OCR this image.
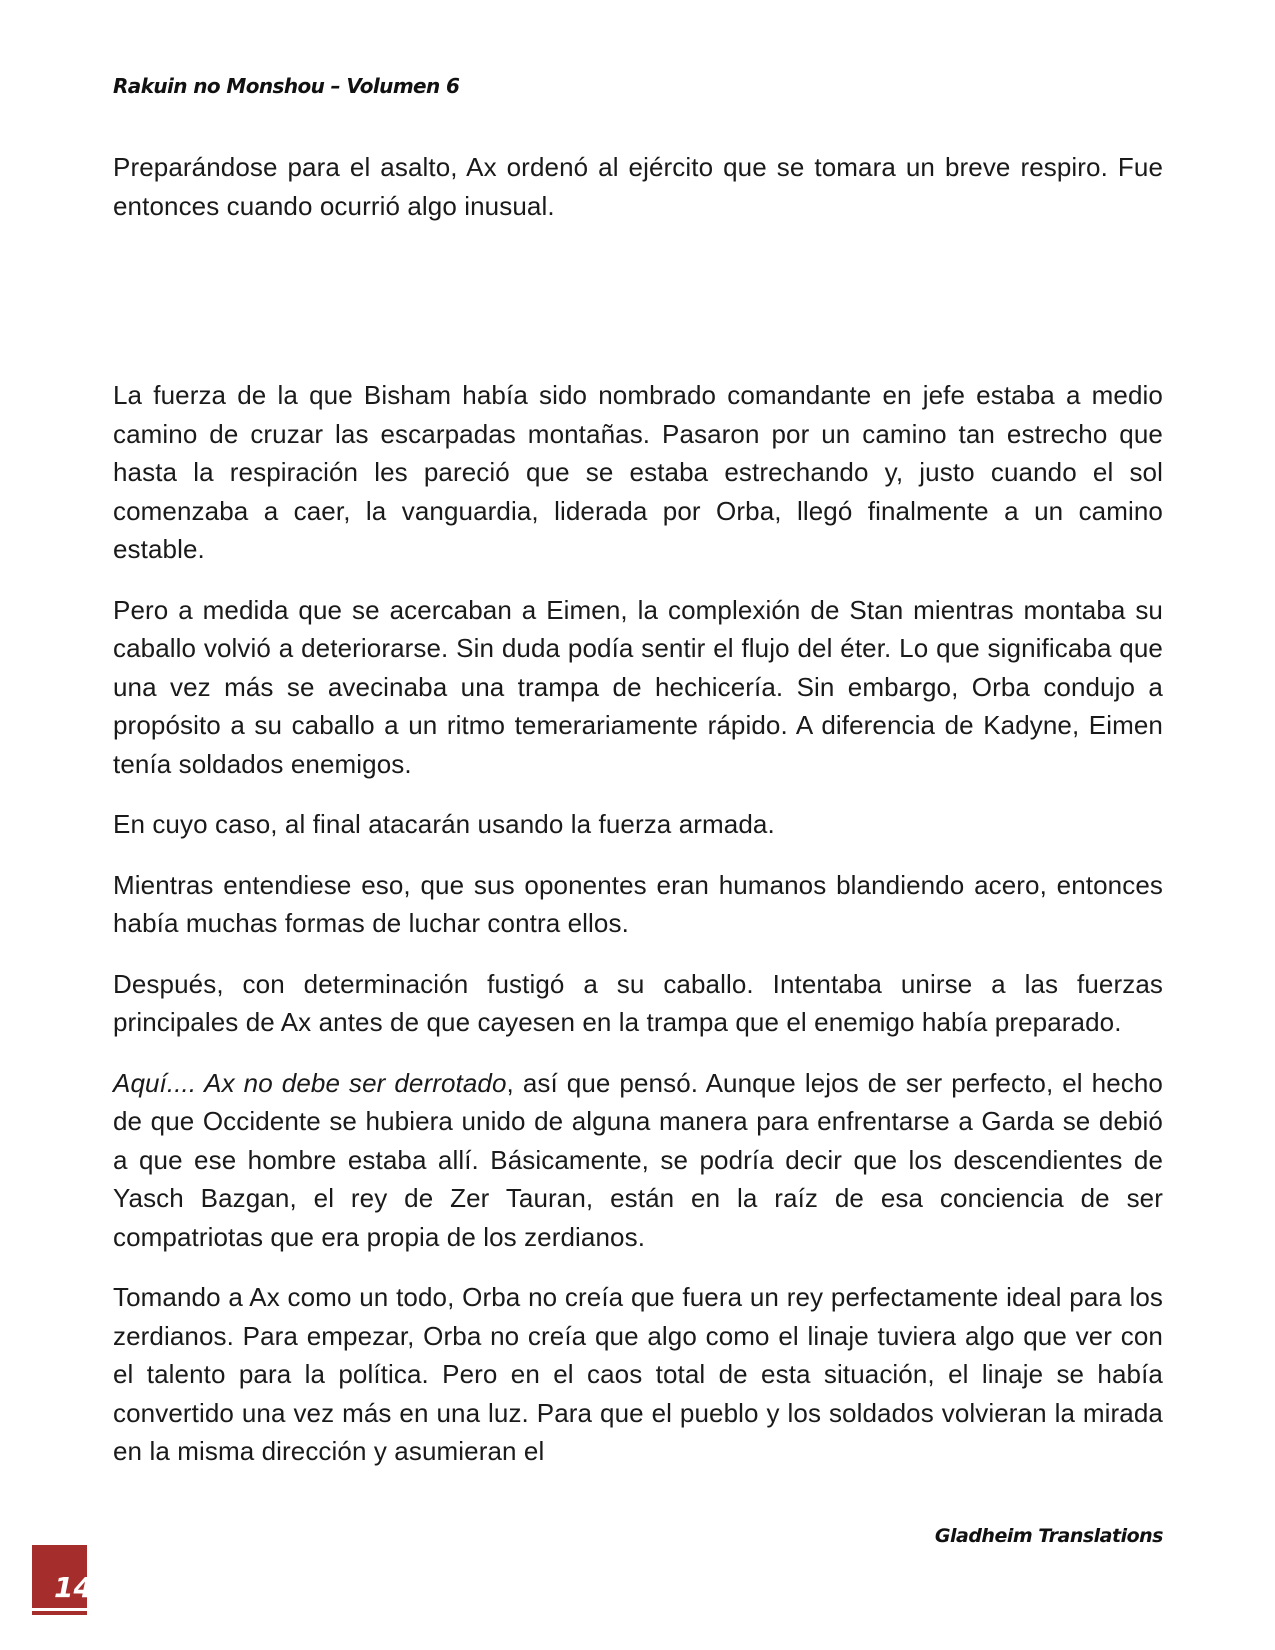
Rakuin no Monshou – Volumen 6

Preparándose para el asalto, Ax ordenó al ejército que se tomara un breve respiro. Fue entonces cuando ocurrió algo inusual.

La fuerza de la que Bisham había sido nombrado comandante en jefe estaba a medio camino de cruzar las escarpadas montañas. Pasaron por un camino tan estrecho que hasta la respiración les pareció que se estaba estrechando y, justo cuando el sol comenzaba a caer, la vanguardia, liderada por Orba, llegó finalmente a un camino estable.

Pero a medida que se acercaban a Eimen, la complexión de Stan mientras montaba su caballo volvió a deteriorarse. Sin duda podía sentir el flujo del éter. Lo que significaba que una vez más se avecinaba una trampa de hechicería. Sin embargo, Orba condujo a propósito a su caballo a un ritmo temerariamente rápido. A diferencia de Kadyne, Eimen tenía soldados enemigos.

En cuyo caso, al final atacarán usando la fuerza armada.

Mientras entendiese eso, que sus oponentes eran humanos blandiendo acero, entonces había muchas formas de luchar contra ellos.

Después, con determinación fustigó a su caballo. Intentaba unirse a las fuerzas principales de Ax antes de que cayesen en la trampa que el enemigo había preparado.

Aquí.... Ax no debe ser derrotado, así que pensó. Aunque lejos de ser perfecto, el hecho de que Occidente se hubiera unido de alguna manera para enfrentarse a Garda se debió a que ese hombre estaba allí. Básicamente, se podría decir que los descendientes de Yasch Bazgan, el rey de Zer Tauran, están en la raíz de esa conciencia de ser compatriotas que era propia de los zerdianos.

Tomando a Ax como un todo, Orba no creía que fuera un rey perfectamente ideal para los zerdianos. Para empezar, Orba no creía que algo como el linaje tuviera algo que ver con el talento para la política. Pero en el caos total de esta situación, el linaje se había convertido una vez más en una luz. Para que el pueblo y los soldados volvieran la mirada en la misma dirección y asumieran el

Gladheim Translations
14
